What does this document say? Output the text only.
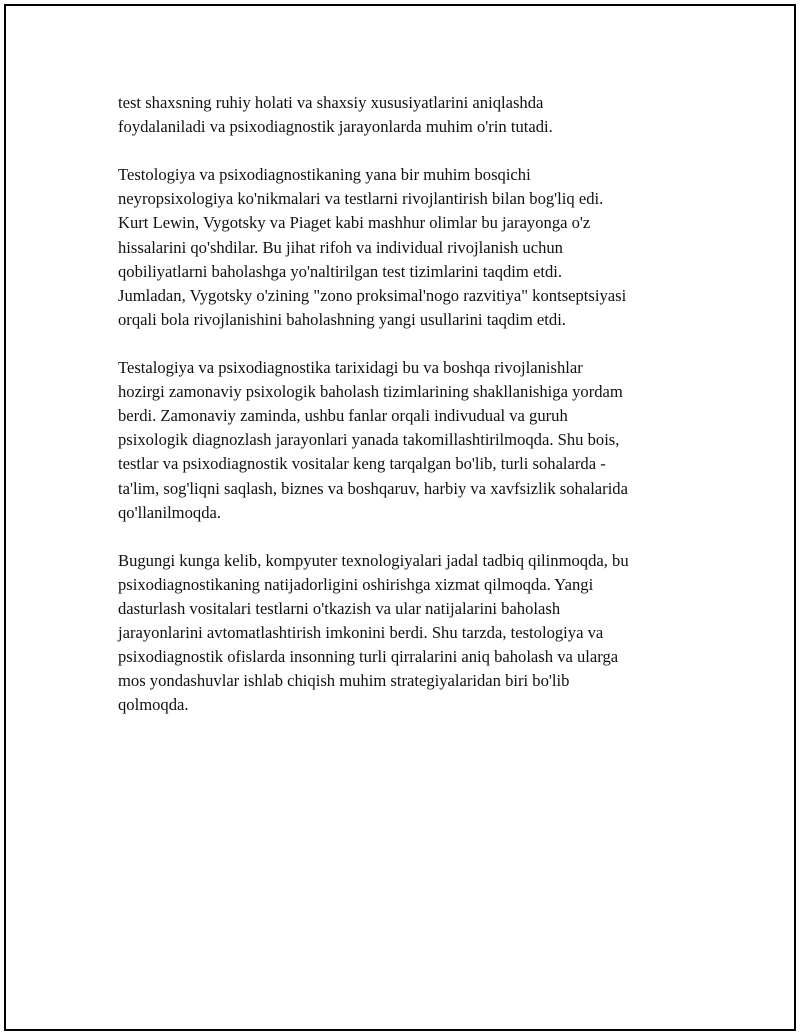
test shaxsning ruhiy holati va shaxsiy xususiyatlarini aniqlashda
foydalaniladi va psixodiagnostik jarayonlarda muhim o'rin tutadi.

Testologiya va psixodiagnostikaning yana bir muhim bosqichi
neyropsixologiya ko'nikmalari va testlarni rivojlantirish bilan bog'liq edi.
Kurt Lewin, Vygotsky va Piaget kabi mashhur olimlar bu jarayonga o'z
hissalarini qo'shdilar. Bu jihat rifoh va individual rivojlanish uchun
qobiliyatlarni baholashga yo'naltirilgan test tizimlarini taqdim etdi.
Jumladan, Vygotsky o'zining "zono proksimal'nogo razvitiya" kontseptsiyasi
orqali bola rivojlanishini baholashning yangi usullarini taqdim etdi.

Testalogiya va psixodiagnostika tarixidagi bu va boshqa rivojlanishlar
hozirgi zamonaviy psixologik baholash tizimlarining shakllanishiga yordam
berdi. Zamonaviy zaminda, ushbu fanlar orqali indivudual va guruh
psixologik diagnozlash jarayonlari yanada takomillashtirilmoqda. Shu bois,
testlar va psixodiagnostik vositalar keng tarqalgan bo'lib, turli sohalarda -
ta'lim, sog'liqni saqlash, biznes va boshqaruv, harbiy va xavfsizlik sohalarida
qo'llanilmoqda.

Bugungi kunga kelib, kompyuter texnologiyalari jadal tadbiq qilinmoqda, bu
psixodiagnostikaning natijadorligini oshirishga xizmat qilmoqda. Yangi
dasturlash vositalari testlarni o'tkazish va ular natijalarini baholash
jarayonlarini avtomatlashtirish imkonini berdi. Shu tarzda, testologiya va
psixodiagnostik ofislarda insonning turli qirralarini aniq baholash va ularga
mos yondashuvlar ishlab chiqish muhim strategiyalaridan biri bo'lib
qolmoqda.
